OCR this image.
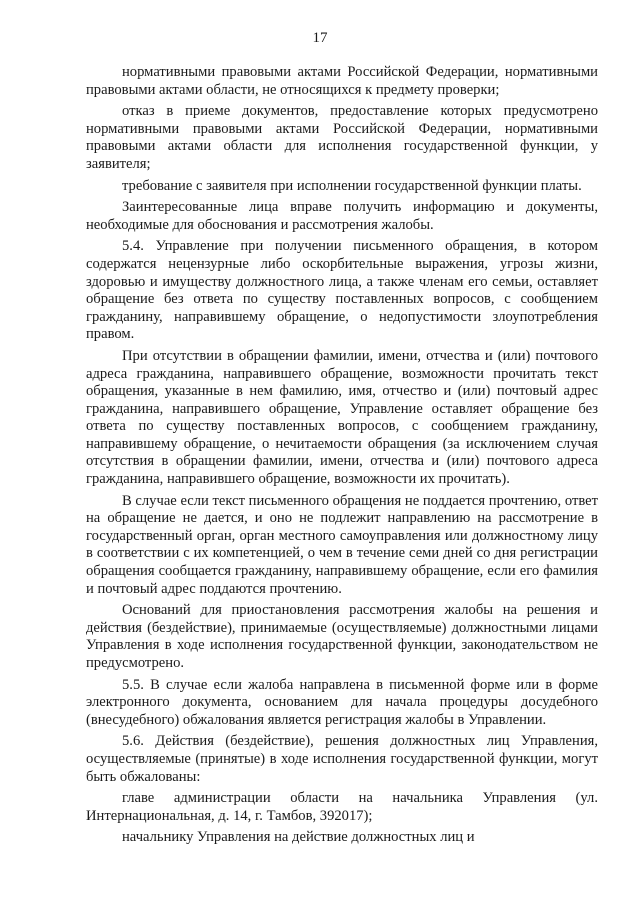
17

нормативными правовыми актами Российской Федерации, нормативными правовыми актами области, не относящихся к предмету проверки;

отказ в приеме документов, предоставление которых предусмотрено нормативными правовыми актами Российской Федерации, нормативными правовыми актами области для исполнения государственной функции, у заявителя;

требование с заявителя при исполнении государственной функции платы.

Заинтересованные лица вправе получить информацию и документы, необходимые для обоснования и рассмотрения жалобы.

5.4. Управление при получении письменного обращения, в котором содержатся нецензурные либо оскорбительные выражения, угрозы жизни, здоровью и имуществу должностного лица, а также членам его семьи, оставляет обращение без ответа по существу поставленных вопросов, с сообщением гражданину, направившему обращение, о недопустимости злоупотребления правом.

При отсутствии в обращении фамилии, имени, отчества и (или) почтового адреса гражданина, направившего обращение, возможности прочитать текст обращения, указанные в нем фамилию, имя, отчество и (или) почтовый адрес гражданина, направившего обращение, Управление оставляет обращение без ответа по существу поставленных вопросов, с сообщением гражданину, направившему обращение, о нечитаемости обращения (за исключением случая отсутствия в обращении фамилии, имени, отчества и (или) почтового адреса гражданина, направившего обращение, возможности их прочитать).

В случае если текст письменного обращения не поддается прочтению, ответ на обращение не дается, и оно не подлежит направлению на рассмотрение в государственный орган, орган местного самоуправления или должностному лицу в соответствии с их компетенцией, о чем в течение семи дней со дня регистрации обращения сообщается гражданину, направившему обращение, если его фамилия и почтовый адрес поддаются прочтению.

Оснований для приостановления рассмотрения жалобы на решения и действия (бездействие), принимаемые (осуществляемые) должностными лицами Управления в ходе исполнения государственной функции, законодательством не предусмотрено.

5.5. В случае если жалоба направлена в письменной форме или в форме электронного документа, основанием для начала процедуры досудебного (внесудебного) обжалования является регистрация жалобы в Управлении.

5.6. Действия (бездействие), решения должностных лиц Управления, осуществляемые (принятые) в ходе исполнения государственной функции, могут быть обжалованы:

главе администрации области на начальника Управления (ул. Интернациональная, д. 14, г. Тамбов, 392017);

начальнику Управления на действие должностных лиц и
